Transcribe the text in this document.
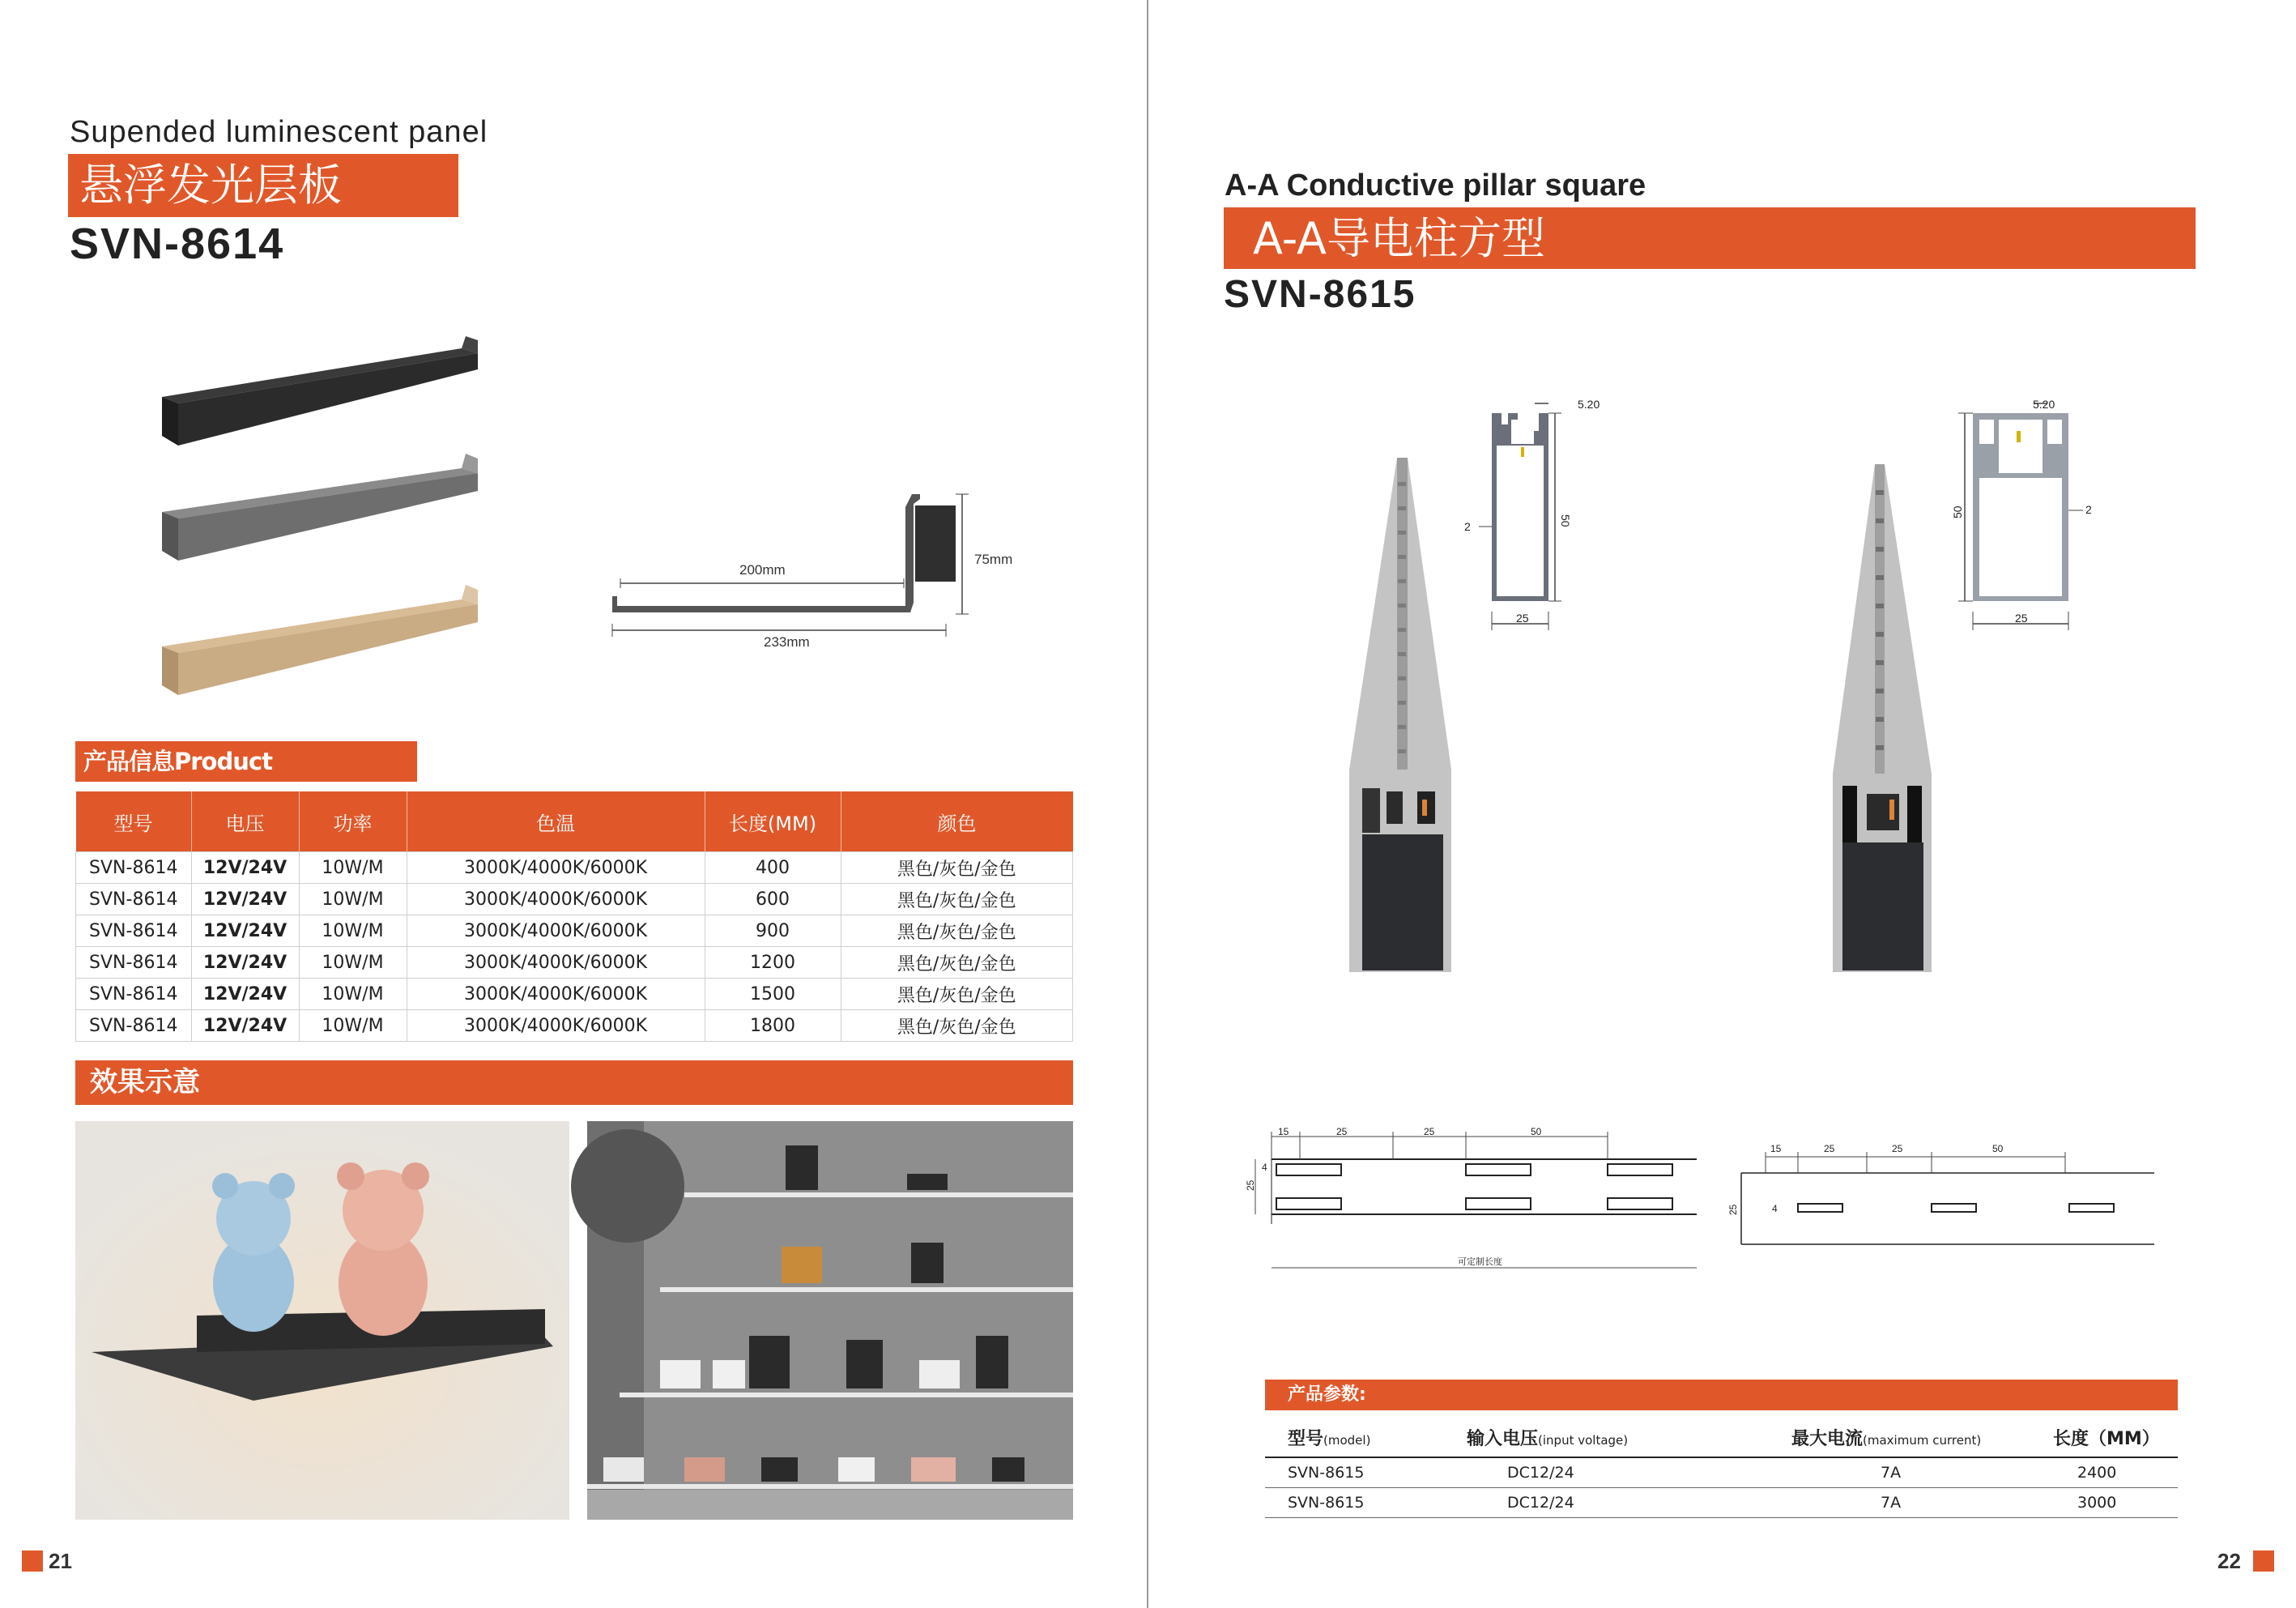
Supended luminescent panel
悬浮发光层板
SVN-8614
200mm
233mm
75mm
产品信息Product
型号	电压	功率	色温	长度(MM)	颜色
SVN-8614	12V/24V	10W/M	3000K/4000K/6000K	400	黑色/灰色/金色
SVN-8614	12V/24V	10W/M	3000K/4000K/6000K	600	黑色/灰色/金色
SVN-8614	12V/24V	10W/M	3000K/4000K/6000K	900	黑色/灰色/金色
SVN-8614	12V/24V	10W/M	3000K/4000K/6000K	1200	黑色/灰色/金色
SVN-8614	12V/24V	10W/M	3000K/4000K/6000K	1500	黑色/灰色/金色
SVN-8614	12V/24V	10W/M	3000K/4000K/6000K	1800	黑色/灰色/金色
效果示意
21
A-A Conductive pillar square
A-A导电柱方型
SVN-8615
5.20
50
2
25
5.20
50	2
25
15	25	25	50
25
4
可定制长度
15	25	25	50
25	4
产品参数:
型号(model)	输入电压(input voltage)	最大电流(maximum current)	长度（MM）
SVN-8615	DC12/24	7A	2400
SVN-8615	DC12/24	7A	3000
22
